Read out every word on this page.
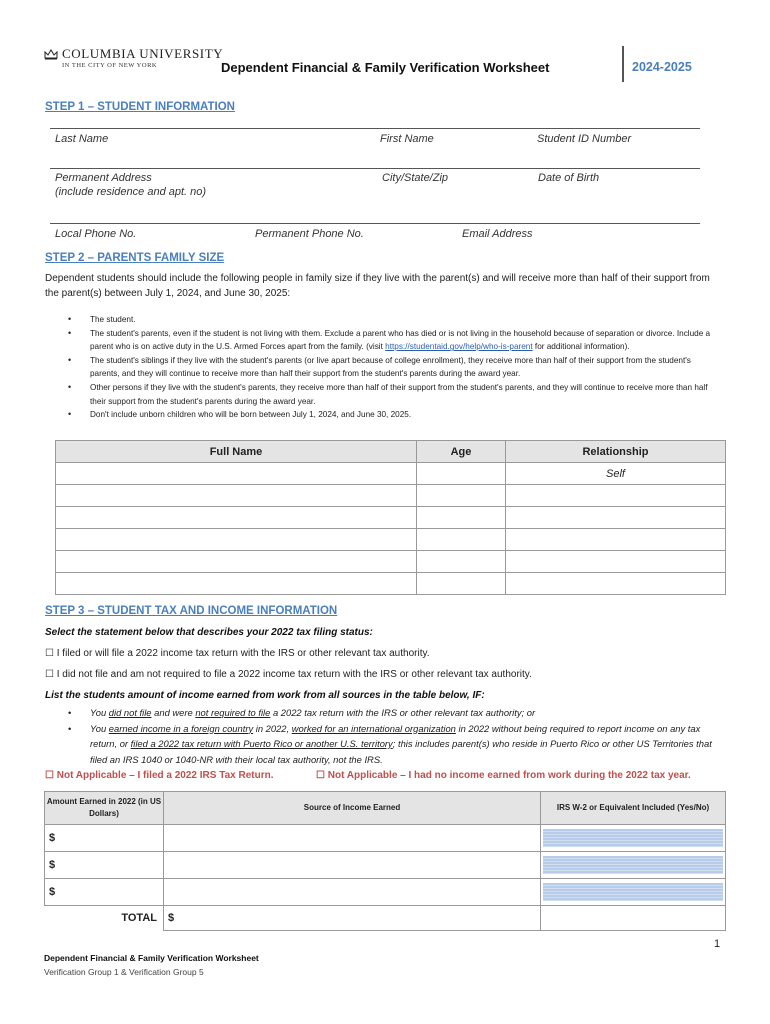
COLUMBIA UNIVERSITY
IN THE CITY OF NEW YORK	Dependent Financial & Family Verification Worksheet	2024-2025
STEP 1 – STUDENT INFORMATION
Last Name	First Name	Student ID Number
Permanent Address
(include residence and apt. no)
City/State/Zip	Date of Birth
Local Phone No.	Permanent Phone No.	Email Address
STEP 2 – PARENTS FAMILY SIZE
Dependent students should include the following people in family size if they live with the parent(s) and will receive more than half of their support from the parent(s) between July 1, 2024, and June 30, 2025:
• The student.
• The student's parents, even if the student is not living with them. Exclude a parent who has died or is not living in the household because of separation or divorce. Include a parent who is on active duty in the U.S. Armed Forces apart from the family. (visit https://studentaid.gov/help/who-is-parent for additional information).
• The student's siblings if they live with the student's parents (or live apart because of college enrollment), they receive more than half of their support from the student's parents, and they will continue to receive more than half their support from the student's parents during the award year.
• Other persons if they live with the student's parents, they receive more than half of their support from the student's parents, and they will continue to receive more than half their support from the student's parents during the award year.
• Don't include unborn children who will be born between July 1, 2024, and June 30, 2025.
Full Name	Age	Relationship
		Self

STEP 3 – STUDENT TAX AND INCOME INFORMATION
Select the statement below that describes your 2022 tax filing status:
☐ I filed or will file a 2022 income tax return with the IRS or other relevant tax authority.
☐ I did not file and am not required to file a 2022 income tax return with the IRS or other relevant tax authority.
List the students amount of income earned from work from all sources in the table below, IF:
• You did not file and were not required to file a 2022 tax return with the IRS or other relevant tax authority; or
• You earned income in a foreign country in 2022, worked for an international organization in 2022 without being required to report income on any tax return, or filed a 2022 tax return with Puerto Rico or another U.S. territory; this includes parent(s) who reside in Puerto Rico or other US Territories that filed an IRS 1040 or 1040-NR with their local tax authority, not the IRS.
☐ Not Applicable – I filed a 2022 IRS Tax Return.	☐ Not Applicable – I had no income earned from work during the 2022 tax year.
Amount Earned in 2022 (in US Dollars)	Source of Income Earned	IRS W-2 or Equivalent Included (Yes/No)
$		

$		

$		

TOTAL	$	
1
Dependent Financial & Family Verification Worksheet
Verification Group 1 & Verification Group 5
